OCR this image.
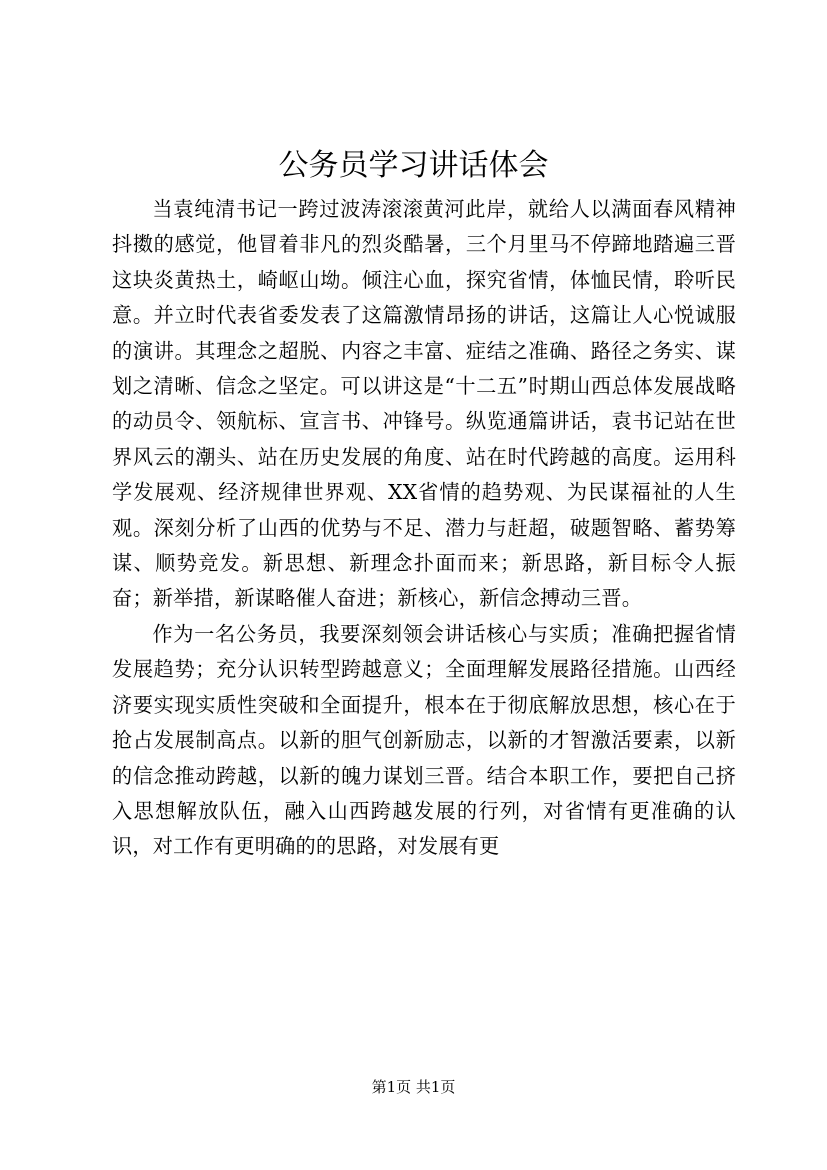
公务员学习讲话体会

当袁纯清书记一跨过波涛滚滚黄河此岸，就给人以满面春风精神抖擞的感觉，他冒着非凡的烈炎酷暑，三个月里马不停蹄地踏遍三晋这块炎黄热土，崎岖山坳。倾注心血，探究省情，体恤民情，聆听民意。并立时代表省委发表了这篇激情昂扬的讲话，这篇让人心悦诚服的演讲。其理念之超脱、内容之丰富、症结之准确、路径之务实、谋划之清晰、信念之坚定。可以讲这是“十二五”时期山西总体发展战略的动员令、领航标、宣言书、冲锋号。纵览通篇讲话，袁书记站在世界风云的潮头、站在历史发展的角度、站在时代跨越的高度。运用科学发展观、经济规律世界观、XX省情的趋势观、为民谋福祉的人生观。深刻分析了山西的优势与不足、潜力与赶超，破题智略、蓄势筹谋、顺势竞发。新思想、新理念扑面而来；新思路，新目标令人振奋；新举措，新谋略催人奋进；新核心，新信念搏动三晋。

作为一名公务员，我要深刻领会讲话核心与实质；准确把握省情发展趋势；充分认识转型跨越意义；全面理解发展路径措施。山西经济要实现实质性突破和全面提升，根本在于彻底解放思想，核心在于抢占发展制高点。以新的胆气创新励志，以新的才智激活要素，以新的信念推动跨越，以新的魄力谋划三晋。结合本职工作，要把自己挤入思想解放队伍，融入山西跨越发展的行列，对省情有更准确的认识，对工作有更明确的的思路，对发展有更

第1页 共1页
